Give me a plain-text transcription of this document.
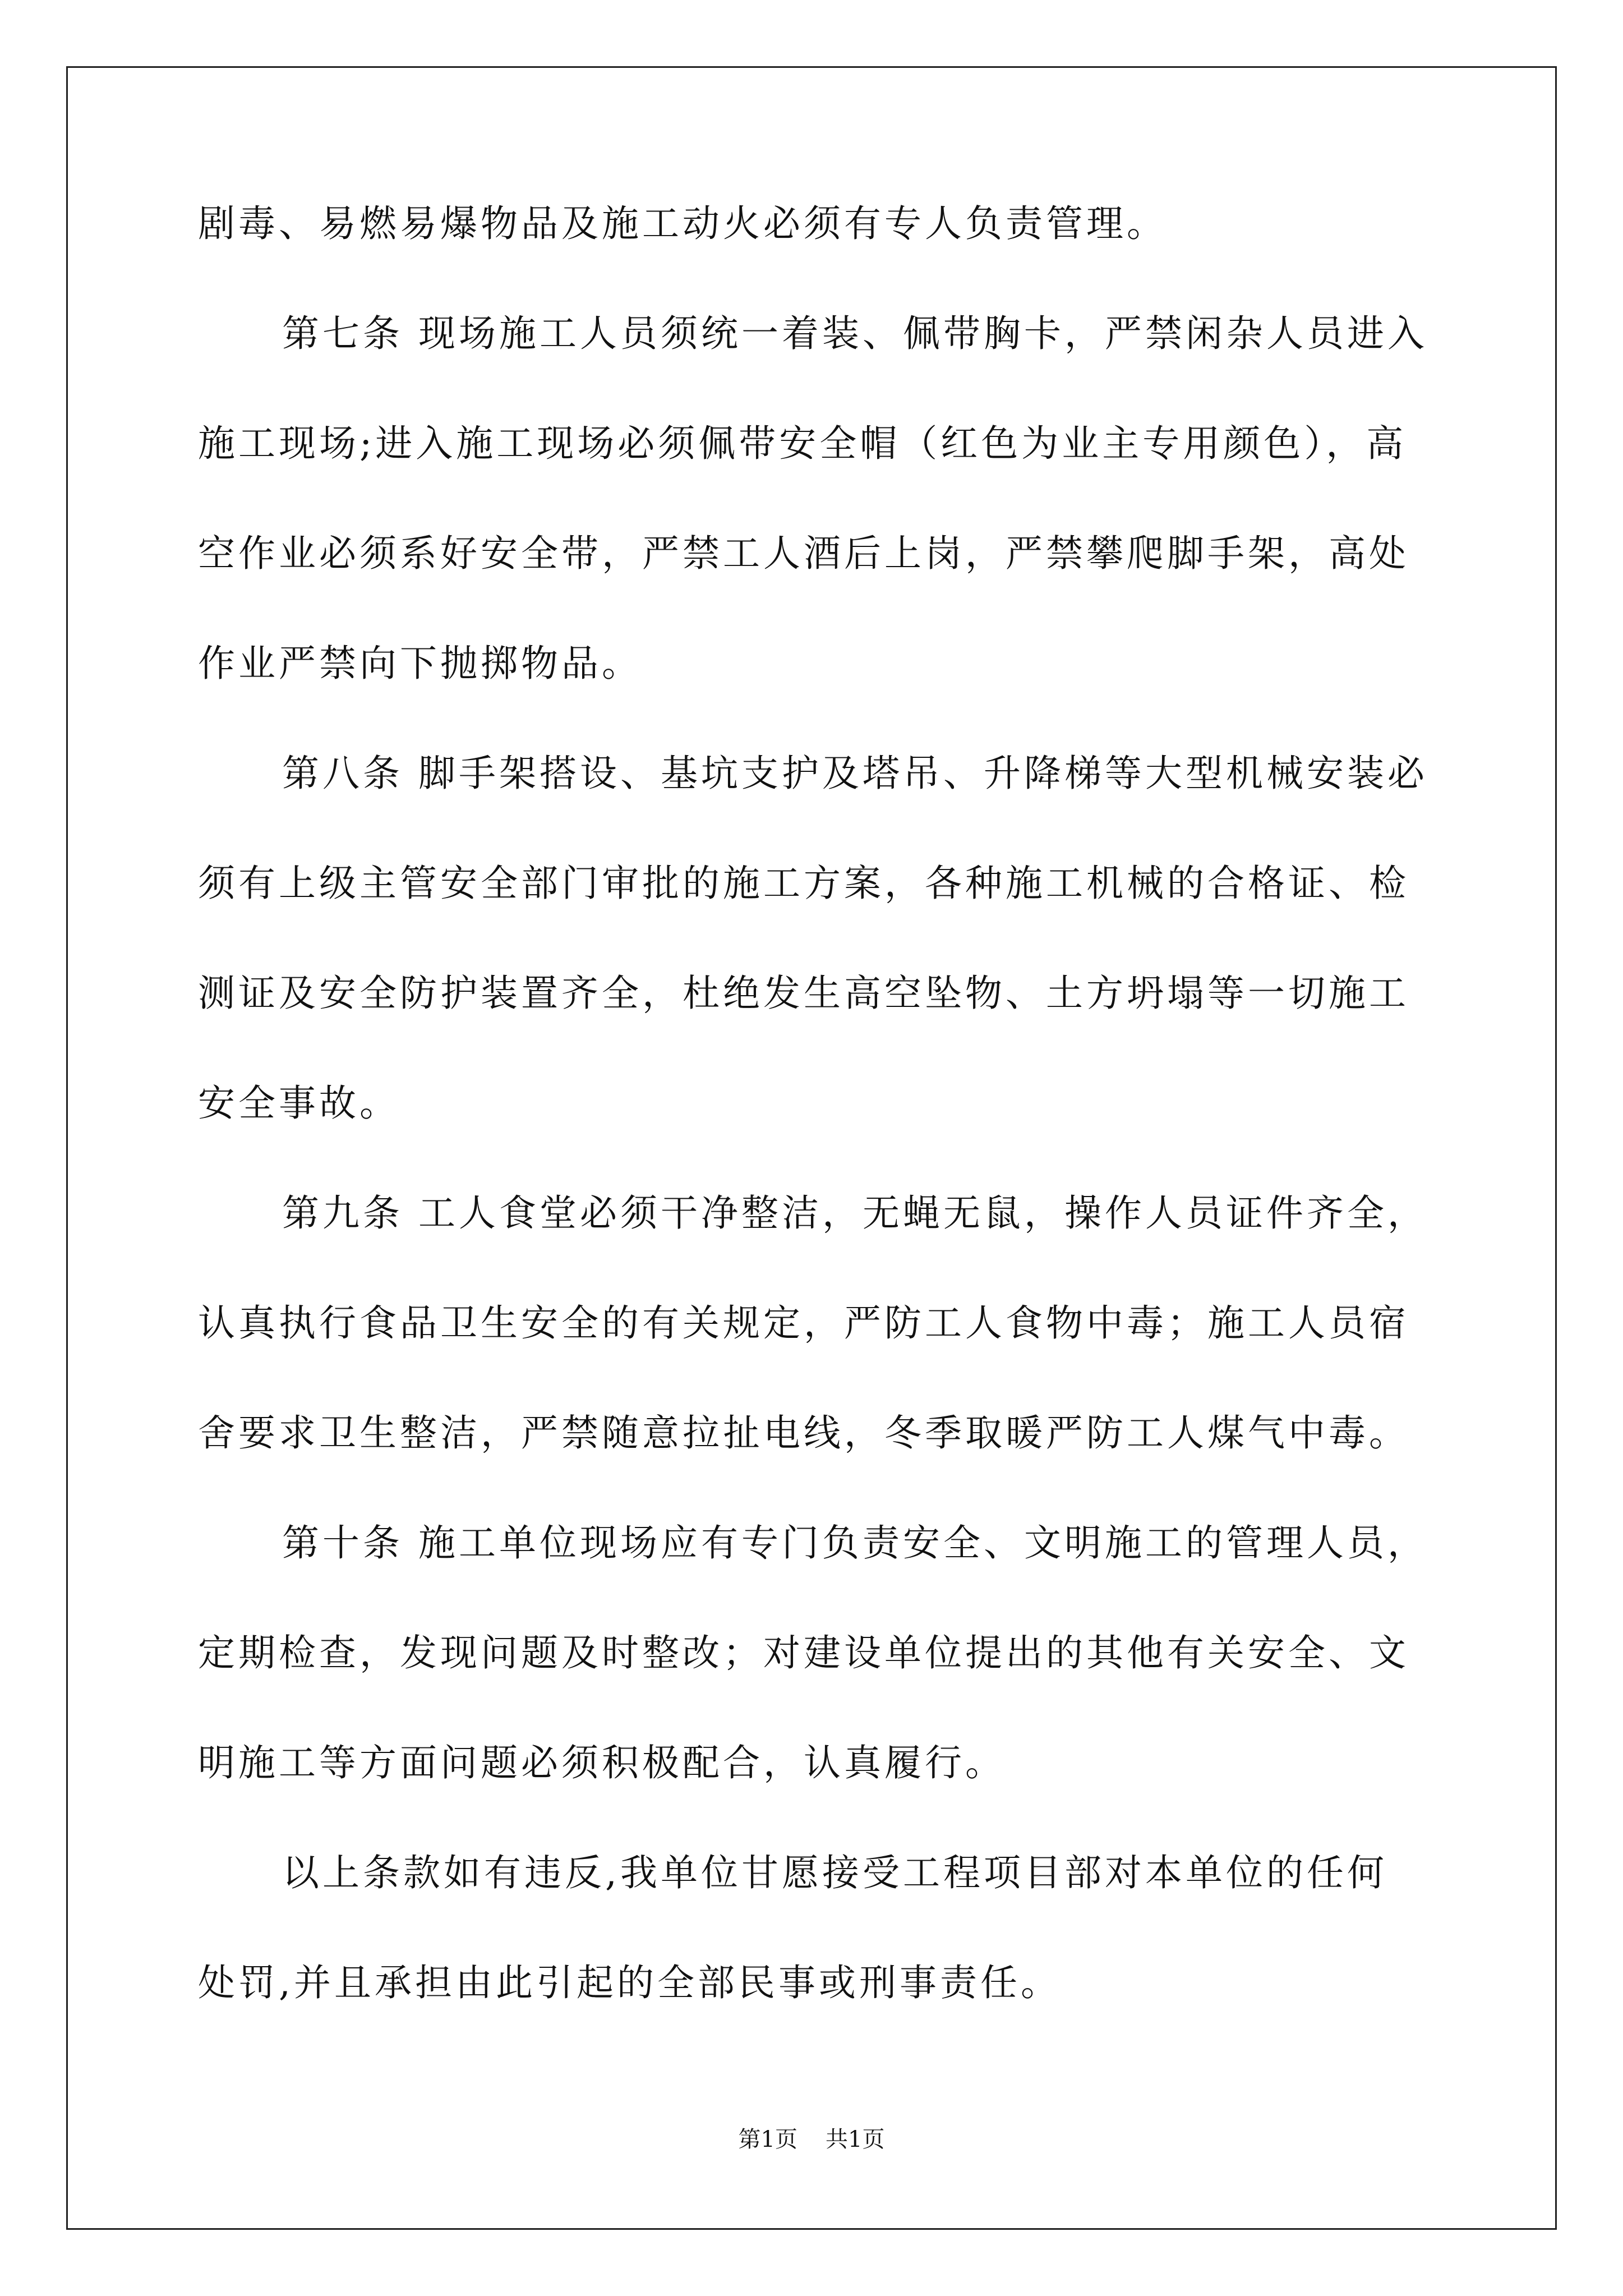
剧毒、易燃易爆物品及施工动火必须有专人负责管理。

第七条 现场施工人员须统一着装、佩带胸卡，严禁闲杂人员进入

施工现场;进入施工现场必须佩带安全帽（红色为业主专用颜色），高

空作业必须系好安全带，严禁工人酒后上岗，严禁攀爬脚手架，高处

作业严禁向下抛掷物品。

第八条 脚手架搭设、基坑支护及塔吊、升降梯等大型机械安装必

须有上级主管安全部门审批的施工方案，各种施工机械的合格证、检

测证及安全防护装置齐全，杜绝发生高空坠物、土方坍塌等一切施工

安全事故。

第九条 工人食堂必须干净整洁，无蝇无鼠，操作人员证件齐全，

认真执行食品卫生安全的有关规定，严防工人食物中毒；施工人员宿

舍要求卫生整洁，严禁随意拉扯电线，冬季取暖严防工人煤气中毒。

第十条 施工单位现场应有专门负责安全、文明施工的管理人员，

定期检查，发现问题及时整改；对建设单位提出的其他有关安全、文

明施工等方面问题必须积极配合，认真履行。

以上条款如有违反,我单位甘愿接受工程项目部对本单位的任何

处罚,并且承担由此引起的全部民事或刑事责任。

第1页 共1页
